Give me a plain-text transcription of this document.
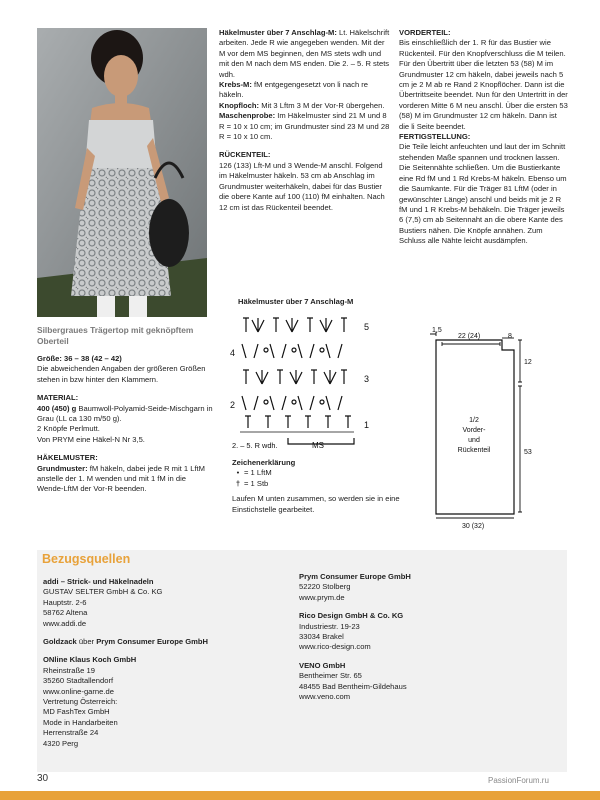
Silbergraues Trägertop mit geknöpftem Oberteil

Größe: 36 – 38 (42 – 42)

Die abweichenden Angaben der größeren Größen stehen in bzw hinter den Klammern.

MATERIAL:

400 (450) g Baumwoll-Polyamid-Seide-Mischgarn in Grau (LL ca 130 m/50 g).

2 Knöpfe Perlmutt.

Von PRYM eine Häkel-N Nr 3,5.

HÄKELMUSTER:

Grundmuster: fM häkeln, dabei jede R mit 1 LftM anstelle der 1. M wenden und mit 1 fM in die Wende-LftM der Vor-R beenden.

Häkelmuster über 7 Anschlag-M: Lt. Häkelschrift arbeiten. Jede R wie angegeben wenden. Mit der M vor dem MS beginnen, den MS stets wdh und mit den M nach dem MS enden. Die 2. – 5. R stets wdh.

Krebs-M: fM entgegengesetzt von li nach re häkeln.

Knopfloch: Mit 3 Lftm 3 M der Vor-R übergehen.

Maschenprobe: Im Häkelmuster sind 21 M und 8 R = 10 x 10 cm; im Grundmuster sind 23 M und 28 R = 10 x 10 cm.

RÜCKENTEIL:

126 (133) Lft-M und 3 Wende-M anschl. Folgend im Häkelmuster häkeln. 53 cm ab Anschlag im Grundmuster weiterhäkeln, dabei für das Bustier die obere Kante auf 100 (110) fM einhalten. Nach 12 cm ist das Rückenteil beendet.

VORDERTEIL:

Bis einschließlich der 1. R für das Bustier wie Rückenteil. Für den Knopfverschluss die M teilen. Für den Übertritt über die letzten 53 (58) M im Grundmuster 12 cm häkeln, dabei jeweils nach 5 cm je 2 M ab re Rand 2 Knopflöcher. Dann ist die Übertrittseite beendet. Nun für den Untertritt in der vorderen Mitte 6 M neu anschl. Über die ersten 53 (58) M im Grundmuster 12 cm häkeln. Dann ist die li Seite beendet.

FERTIGSTELLUNG:

Die Teile leicht anfeuchten und laut der im Schnitt stehenden Maße spannen und trocknen lassen. Die Seitennähte schließen. Um die Bustierkante eine Rd fM und 1 Rd Krebs-M häkeln. Ebenso um die Saumkante. Für die Träger 81 LftM (oder in gewünschter Länge) anschl und beids mit je 2 R fM und 1 R Krebs-M behäkeln. Die Träger jeweils 6 (7,5) cm ab Seitennaht an die obere Kante des Bustiers nähen. Die Knöpfe annähen. Zum Schluss alle Nähte leicht ausdämpfen.

Häkelmuster über 7 Anschlag-M
5
3
4
2
1
2. – 5. R wdh.	MS

Zeichenerklärung

• = 1 LftM

† = 1 Stb

Laufen M unten zusammen, so werden sie in eine Einstichstelle gearbeitet.

1,5
22 (24)	8
12
53
30 (32)
1/2
Vorder-
und
Rückenteil
Bezugsquellen

addi – Strick- und Häkelnadeln

GUSTAV SELTER GmbH & Co. KG

Hauptstr. 2-6

58762 Altena

www.addi.de

Goldzack über Prym Consumer Europe GmbH

ONline Klaus Koch GmbH

Rheinstraße 19

35260 Stadtallendorf

www.online-garne.de

Vertretung Österreich:

MD FashTex GmbH

Mode in Handarbeiten

Herrenstraße 24

4320 Perg

Prym Consumer Europe GmbH

52220 Stolberg

www.prym.de

Rico Design GmbH & Co. KG

Industriestr. 19-23

33034 Brakel

www.rico-design.com

VENO GmbH

Bentheimer Str. 65

48455 Bad Bentheim-Gildehaus

www.veno.com

30	PassionForum.ru
